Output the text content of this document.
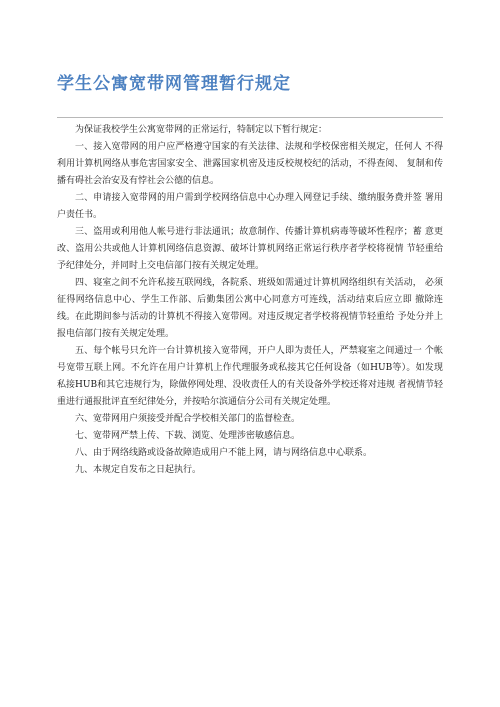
学生公寓宽带网管理暂行规定

为保证我校学生公寓宽带网的正常运行，特制定以下暂行规定：

一、接入宽带网的用户应严格遵守国家的有关法律、法规和学校保密相关规定，任何人 不得利用计算机网络从事危害国家安全、泄露国家机密及违反校规校纪的活动，不得查阅、 复制和传播有碍社会治安及有悖社会公德的信息。

二、申请接入宽带网的用户需到学校网络信息中心办理入网登记手续、缴纳服务费并签 署用户责任书。

三、盗用或利用他人帐号进行非法通讯；故意制作、传播计算机病毒等破坏性程序；蓄 意更改、盗用公共或他人计算机网络信息资源、破坏计算机网络正常运行秩序者学校将视情 节轻重给予纪律处分，并同时上交电信部门按有关规定处理。

四、寝室之间不允许私接互联网线，各院系、班级如需通过计算机网络组织有关活动， 必须征得网络信息中心、学生工作部、后勤集团公寓中心同意方可连线，活动结束后应立即 撤除连线。在此期间参与活动的计算机不得接入宽带网。对违反规定者学校将视情节轻重给 予处分并上报电信部门按有关规定处理。

五、每个帐号只允许一台计算机接入宽带网，开户人即为责任人，严禁寝室之间通过一 个帐号宽带互联上网。不允许在用户计算机上作代理服务或私接其它任何设备（如HUB等）。如发现私接HUB和其它违规行为，除做停网处理、没收责任人的有关设备外学校还将对违规 者视情节轻重进行通报批评直至纪律处分，并按哈尔滨通信分公司有关规定处理。

六、宽带网用户须接受并配合学校相关部门的监督检查。

七、宽带网严禁上传、下载、浏览、处理涉密敏感信息。

八、由于网络线路或设备故障造成用户不能上网，请与网络信息中心联系。

九、本规定自发布之日起执行。
